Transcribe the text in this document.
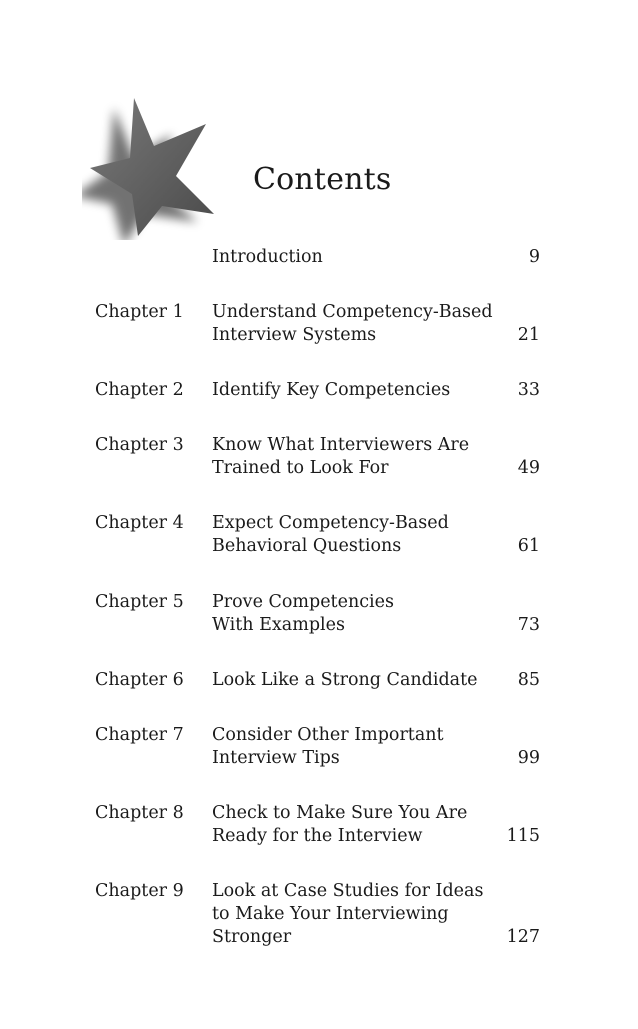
Contents
Introduction	9
Chapter 1 Understand Competency-Based
Interview Systems	21
Chapter 2 Identify Key Competencies	33
Chapter 3 Know What Interviewers Are
Trained to Look For	49
Chapter 4 Expect Competency-Based
Behavioral Questions	61
Chapter 5 Prove Competencies
With Examples	73
Chapter 6 Look Like a Strong Candidate 85
Chapter 7 Consider Other Important
Interview Tips	99
Chapter 8 Check to Make Sure You Are
Ready for the Interview	115
Chapter 9 Look at Case Studies for Ideas
to Make Your Interviewing
Stronger	127
